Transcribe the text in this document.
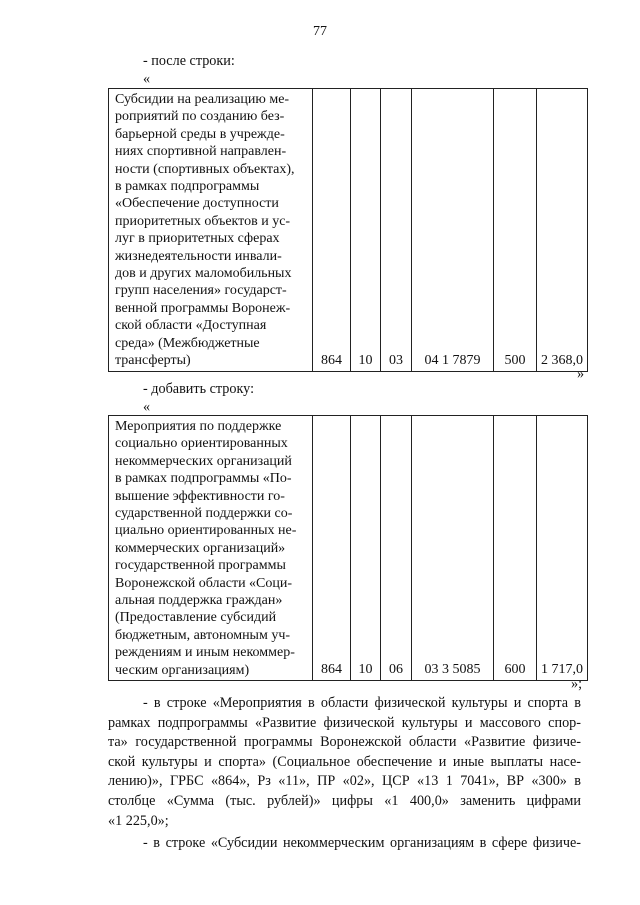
77
- после строки:
«
Субсидии на реализацию ме-
роприятий по созданию без-
барьерной среды в учрежде-
ниях спортивной направлен-
ности (спортивных объектах),
в рамках подпрограммы
«Обеспечение доступности
приоритетных объектов и ус-
луг в приоритетных сферах
жизнедеятельности инвали-
дов и других маломобильных
групп населения» государст-
венной программы Воронеж-
ской области «Доступная
среда» (Межбюджетные
трансферты)	864	10	03	04 1 7879	500	2 368,0
»
- добавить строку:
«
Мероприятия по поддержке
социально ориентированных
некоммерческих организаций
в рамках подпрограммы «По-
вышение эффективности го-
сударственной поддержки со-
циально ориентированных не-
коммерческих организаций»
государственной программы
Воронежской области «Соци-
альная поддержка граждан»
(Предоставление субсидий
бюджетным, автономным уч-
реждениям и иным некоммер-
ческим организациям)	864	10	06	03 3 5085	600	1 717,0
»;
- в строке «Мероприятия в области физической культуры и спорта в
рамках подпрограммы «Развитие физической культуры и массового спор-
та» государственной программы Воронежской области «Развитие физиче-
ской культуры и спорта» (Социальное обеспечение и иные выплаты насе-
лению)», ГРБС «864», Рз «11», ПР «02», ЦСР «13 1 7041», ВР «300» в
столбце «Сумма (тыс. рублей)» цифры «1 400,0» заменить цифрами
«1 225,0»;
- в строке «Субсидии некоммерческим организациям в сфере физиче-
